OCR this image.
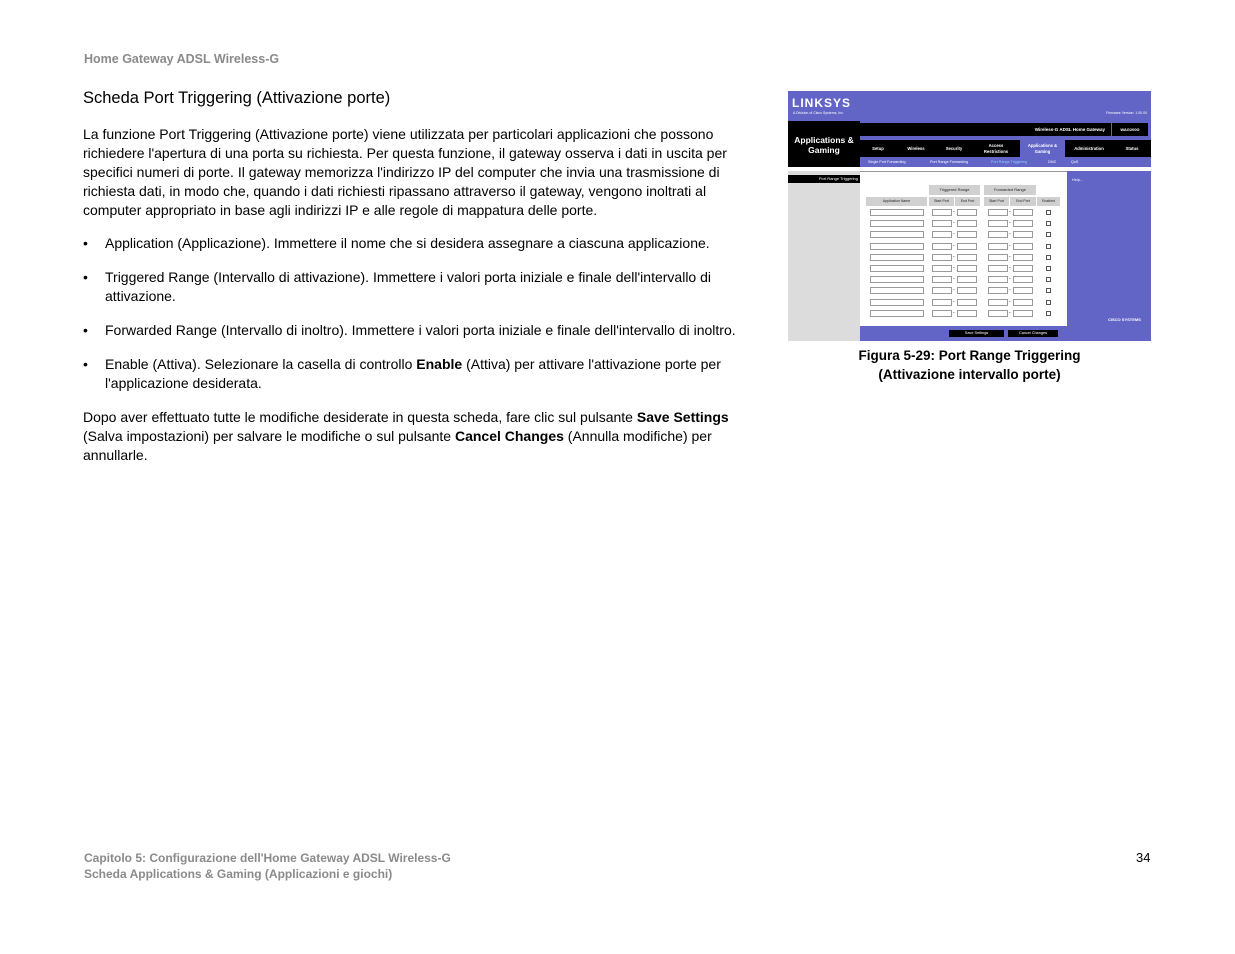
Home Gateway ADSL Wireless-G
Scheda Port Triggering (Attivazione porte)

La funzione Port Triggering (Attivazione porte) viene utilizzata per particolari applicazioni che possono richiedere l'apertura di una porta su richiesta. Per questa funzione, il gateway osserva i dati in uscita per specifici numeri di porte. Il gateway memorizza l'indirizzo IP del computer che invia una trasmissione di richiesta dati, in modo che, quando i dati richiesti ripassano attraverso il gateway, vengono inoltrati al computer appropriato in base agli indirizzi IP e alle regole di mappatura delle porte.

• Application (Applicazione). Immettere il nome che si desidera assegnare a ciascuna applicazione.
• Triggered Range (Intervallo di attivazione). Immettere i valori porta iniziale e finale dell'intervallo di attivazione.
• Forwarded Range (Intervallo di inoltro). Immettere i valori porta iniziale e finale dell'intervallo di inoltro.
• Enable (Attiva). Selezionare la casella di controllo Enable (Attiva) per attivare l'attivazione porte per l'applicazione desiderata.

Dopo aver effettuato tutte le modifiche desiderate in questa scheda, fare clic sul pulsante Save Settings (Salva impostazioni) per salvare le modifiche o sul pulsante Cancel Changes (Annulla modifiche) per annullarle.

LINKSYS
A Division of Cisco Systems, Inc.	Firmware Version: 1.00.00
Applications & Gaming
Wireless-G ADSL Home Gateway	WAG200G
Setup	Wireless	Security
Access Restrictions
Applications & Gaming
Administration	Status
Single Port Forwarding	Port Range Forwarding	Port Range Triggering	DMZ	QoS
Port Range Triggering	Help...
Triggered Range	Forwarded Range
Application Name	Start Port	End Port	Start Port	End Port	Enabled
Save Settings	Cancel Changes
CISCO SYSTEMS
-	-
-	-
-	-
-	-
-	-
-	-
-	-
-	-
-	-
-	-
Figura 5-29: Port Range Triggering
(Attivazione intervallo porte)
Capitolo 5: Configurazione dell'Home Gateway ADSL Wireless-G
Scheda Applications & Gaming (Applicazioni e giochi)
34
